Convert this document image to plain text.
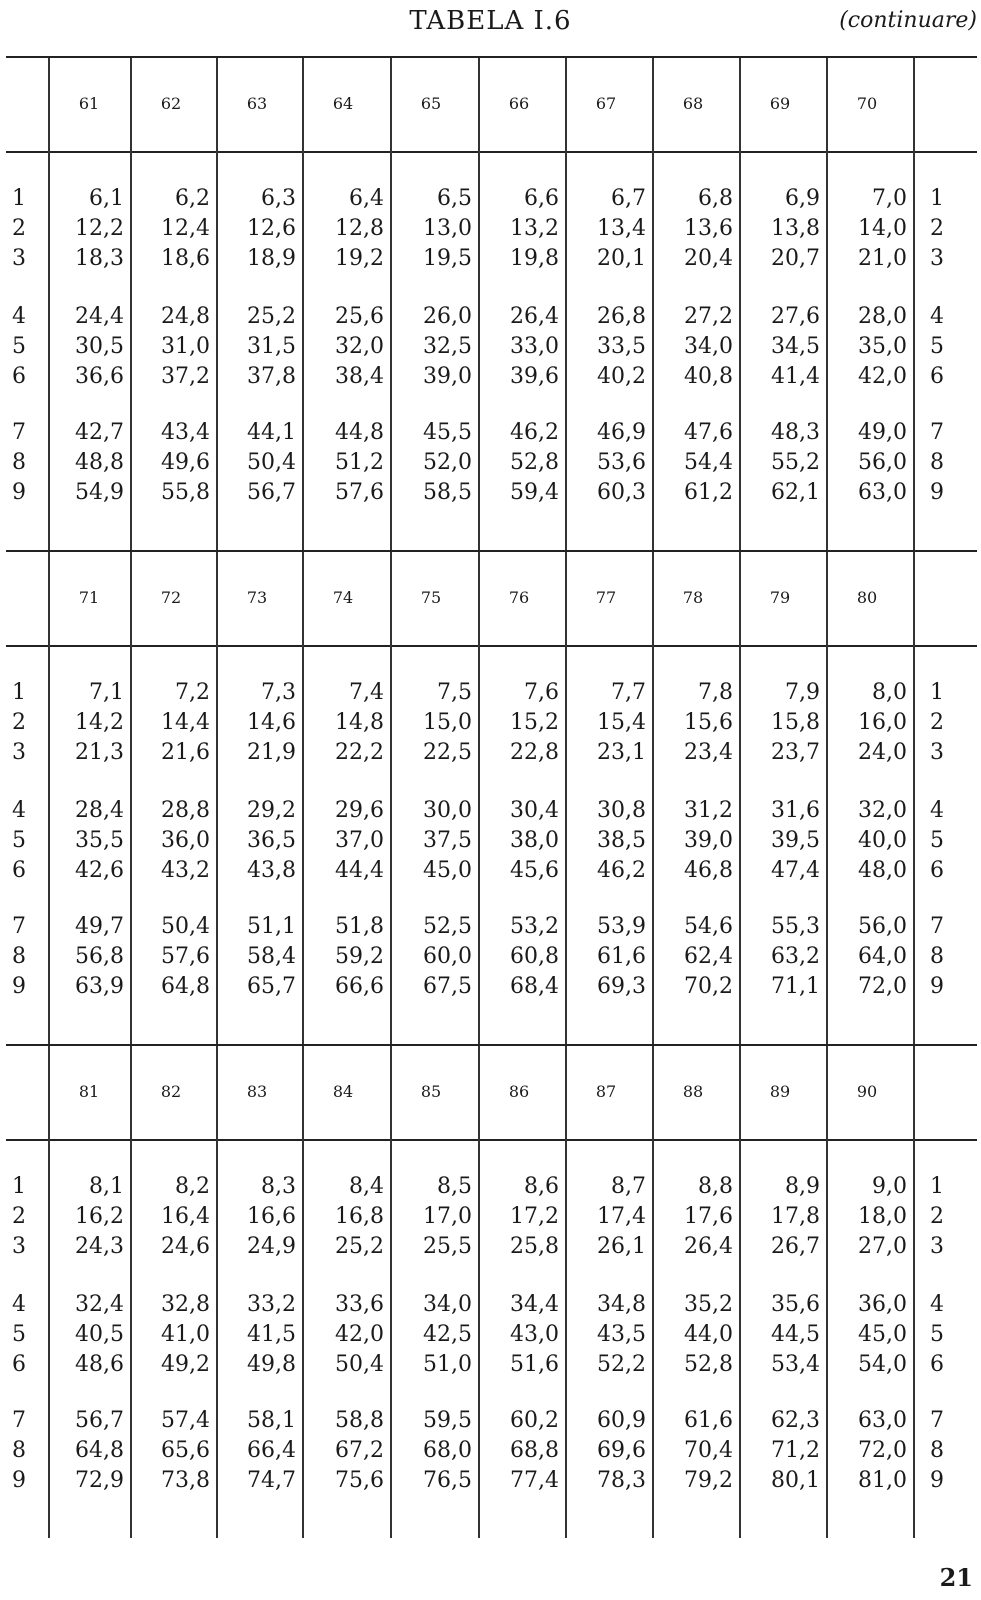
TABELA I.6	(continuare)
61	62	63	64	65	66	67	68	69	70
1	6,1	6,2	6,3	6,4	6,5	6,6	6,7	6,8	6,9	7,0 1
2	12,2	12,4	12,6	12,8	13,0	13,2	13,4	13,6	13,8	14,0 2
3	18,3	18,6	18,9	19,2	19,5	19,8	20,1	20,4	20,7	21,0 3
4	24,4	24,8	25,2	25,6	26,0	26,4	26,8	27,2	27,6	28,0 4
5	30,5	31,0	31,5	32,0	32,5	33,0	33,5	34,0	34,5	35,0 5
6	36,6	37,2	37,8	38,4	39,0	39,6	40,2	40,8	41,4	42,0 6
7	42,7	43,4	44,1	44,8	45,5	46,2	46,9	47,6	48,3	49,0 7
8	48,8	49,6	50,4	51,2	52,0	52,8	53,6	54,4	55,2	56,0 8
9	54,9	55,8	56,7	57,6	58,5	59,4	60,3	61,2	62,1	63,0 9
71	72	73	74	75	76	77	78	79	80
1	7,1	7,2	7,3	7,4	7,5	7,6	7,7	7,8	7,9	8,0 1
2	14,2	14,4	14,6	14,8	15,0	15,2	15,4	15,6	15,8	16,0 2
3	21,3	21,6	21,9	22,2	22,5	22,8	23,1	23,4	23,7	24,0 3
4	28,4	28,8	29,2	29,6	30,0	30,4	30,8	31,2	31,6	32,0 4
5	35,5	36,0	36,5	37,0	37,5	38,0	38,5	39,0	39,5	40,0 5
6	42,6	43,2	43,8	44,4	45,0	45,6	46,2	46,8	47,4	48,0 6
7	49,7	50,4	51,1	51,8	52,5	53,2	53,9	54,6	55,3	56,0 7
8	56,8	57,6	58,4	59,2	60,0	60,8	61,6	62,4	63,2	64,0 8
9	63,9	64,8	65,7	66,6	67,5	68,4	69,3	70,2	71,1	72,0 9
81	82	83	84	85	86	87	88	89	90
1	8,1	8,2	8,3	8,4	8,5	8,6	8,7	8,8	8,9	9,0 1
2	16,2	16,4	16,6	16,8	17,0	17,2	17,4	17,6	17,8	18,0 2
3	24,3	24,6	24,9	25,2	25,5	25,8	26,1	26,4	26,7	27,0 3
4	32,4	32,8	33,2	33,6	34,0	34,4	34,8	35,2	35,6	36,0 4
5	40,5	41,0	41,5	42,0	42,5	43,0	43,5	44,0	44,5	45,0 5
6	48,6	49,2	49,8	50,4	51,0	51,6	52,2	52,8	53,4	54,0 6
7	56,7	57,4	58,1	58,8	59,5	60,2	60,9	61,6	62,3	63,0 7
8	64,8	65,6	66,4	67,2	68,0	68,8	69,6	70,4	71,2	72,0 8
9	72,9	73,8	74,7	75,6	76,5	77,4	78,3	79,2	80,1	81,0 9
21
